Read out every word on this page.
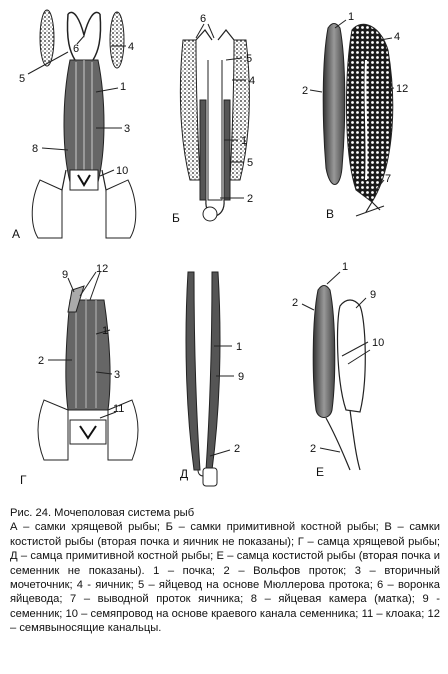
6	4
5
1
3
8
10
А
6
5
4
1
5
2
Б
1
2
4
12
7
В
9	12
1
2
3
11
Г
1
9
2
Д
1
2
9
10
2
Е
Рис. 24. Мочеполовая система рыб
А – самки хрящевой рыбы; Б – самки примитивной костной рыбы; В – самки костистой рыбы (вторая почка и яичник не показаны); Г – самца хрящевой рыбы; Д – самца примитивной костной рыбы; Е – самца костистой рыбы (вторая почка и семенник не показаны). 1 – почка; 2 – Вольфов проток; 3 – вторичный мочеточник; 4 - яичник; 5 – яйцевод на основе Мюллерова протока; 6 – воронка яйцевода; 7 – выводной проток яичника; 8 – яйцевая камера (матка); 9 - семенник; 10 – семяпровод на основе краевого канала семенника; 11 – клоака; 12 – семявыносящие канальцы.
